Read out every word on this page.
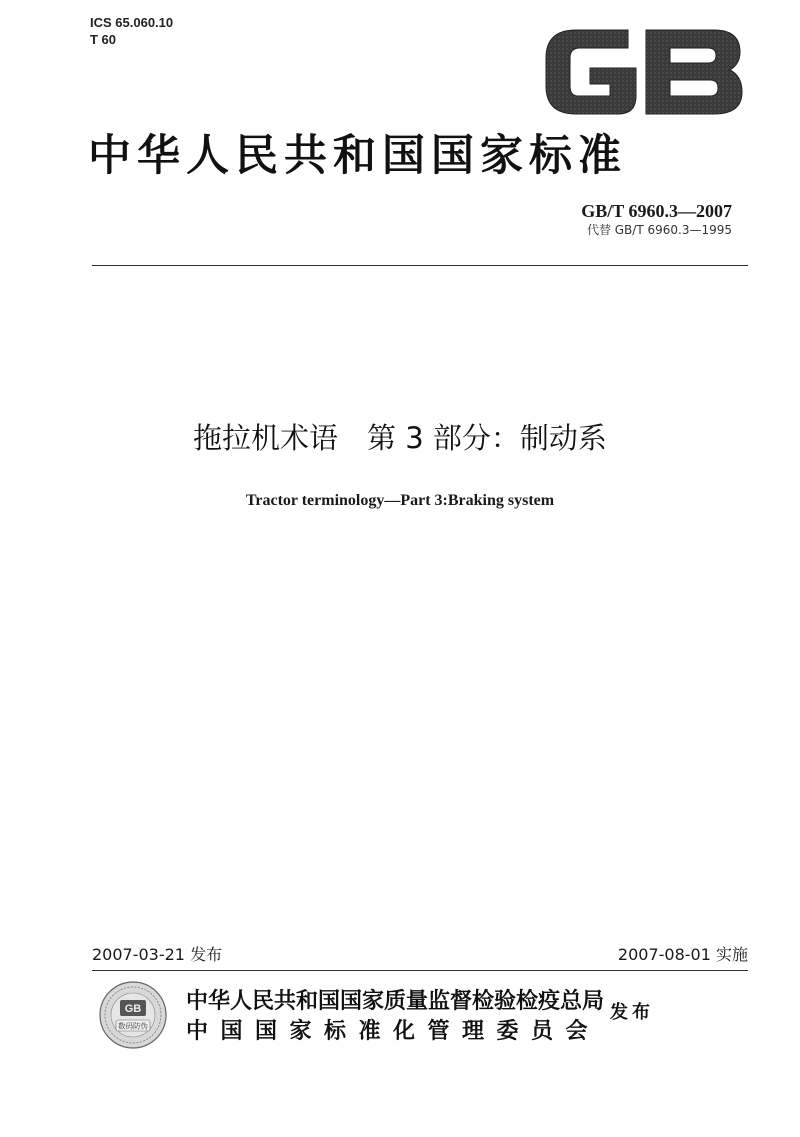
ICS 65.060.10
T 60
中华人民共和国国家标准
GB/T 6960.3—2007
代替 GB/T 6960.3—1995
拖拉机术语　第 3 部分：制动系
Tractor terminology—Part 3:Braking system
2007-03-21 发布	2007-08-01 实施
GB
数码防伪
中华人民共和国国家质量监督检验检疫总局
中国国家标准化管理委员会
发布
